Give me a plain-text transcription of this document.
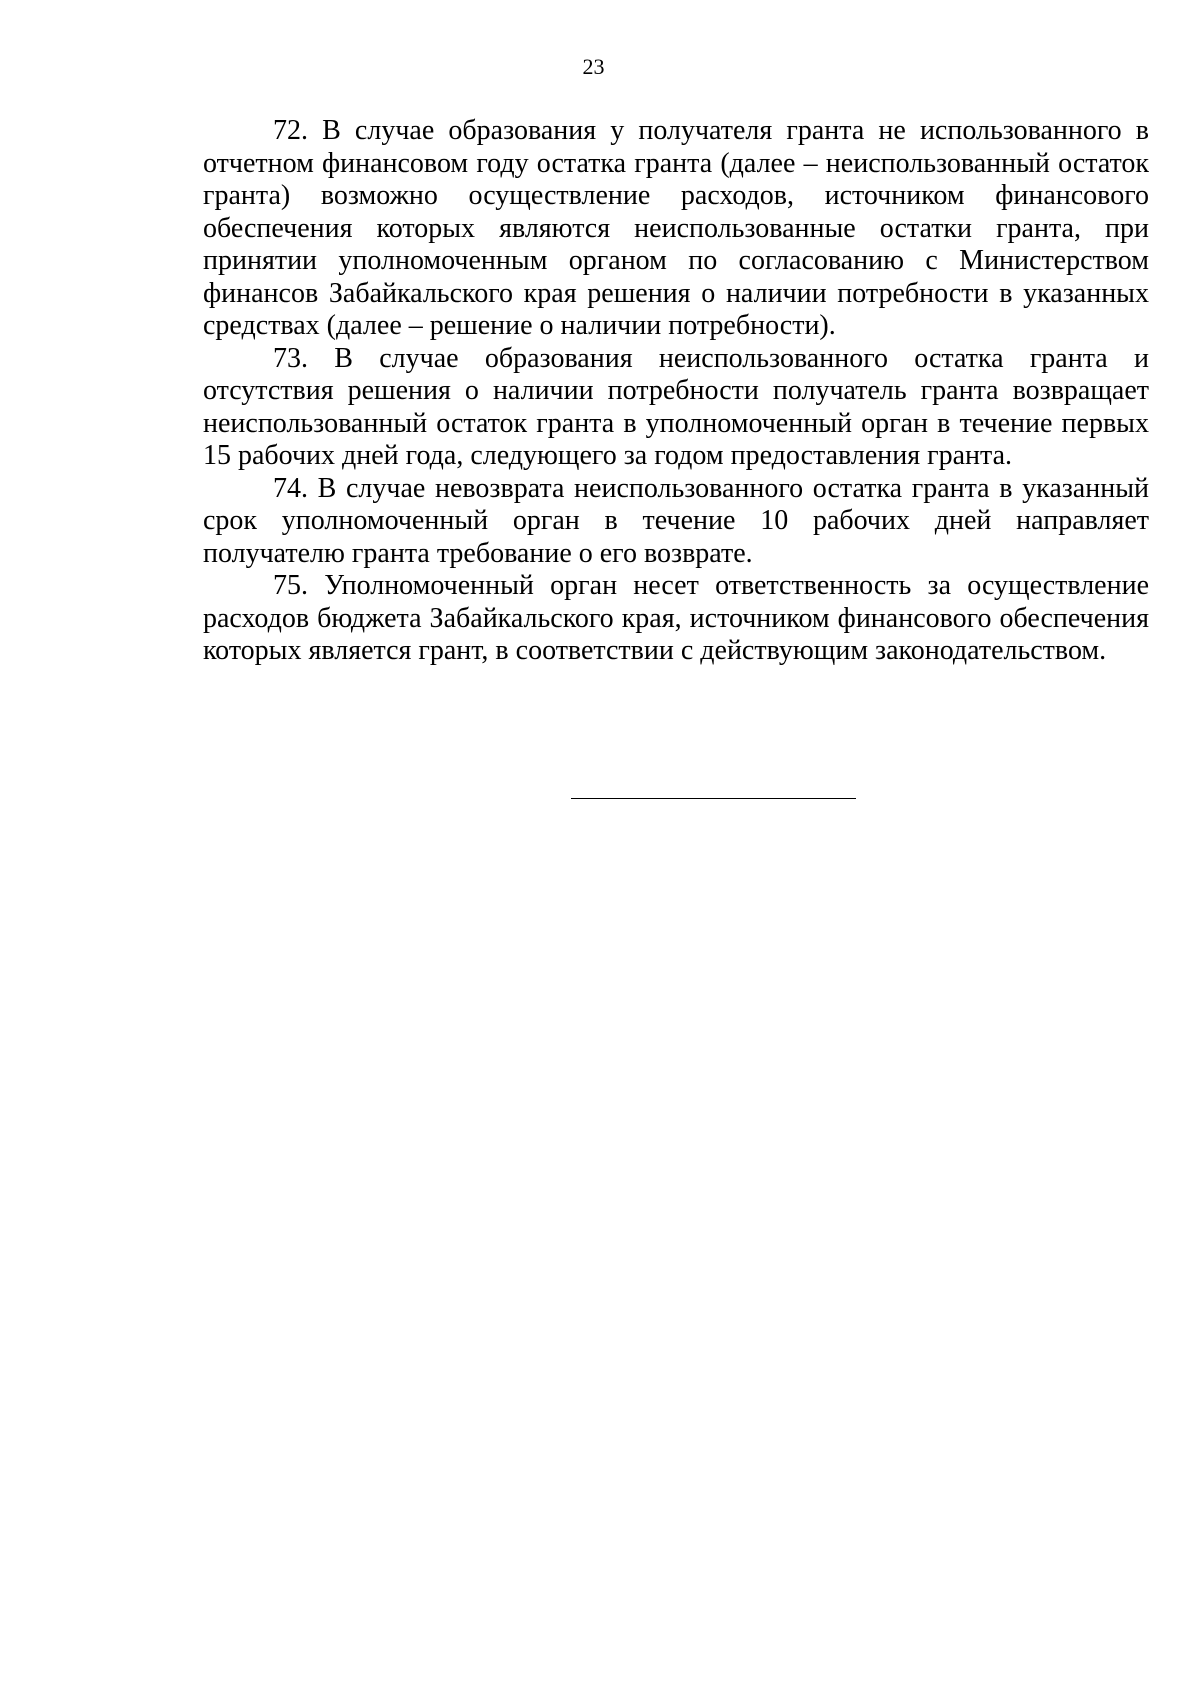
23

72. В случае образования у получателя гранта не использованного в отчетном финансовом году остатка гранта (далее – неиспользованный остаток гранта) возможно осуществление расходов, источником финансового обеспечения которых являются неиспользованные остатки гранта, при принятии уполномоченным органом по согласованию с Министерством финансов Забайкальского края решения о наличии потребности в указанных средствах (далее – решение о наличии потребности).

73. В случае образования неиспользованного остатка гранта и отсутствия решения о наличии потребности получатель гранта возвращает неиспользованный остаток гранта в уполномоченный орган в течение первых 15 рабочих дней года, следующего за годом предоставления гранта.

74. В случае невозврата неиспользованного остатка гранта в указанный срок уполномоченный орган в течение 10 рабочих дней направляет получателю гранта требование о его возврате.

75. Уполномоченный орган несет ответственность за осуществление расходов бюджета Забайкальского края, источником финансового обеспечения которых является грант, в соответствии с действующим законодательством.
